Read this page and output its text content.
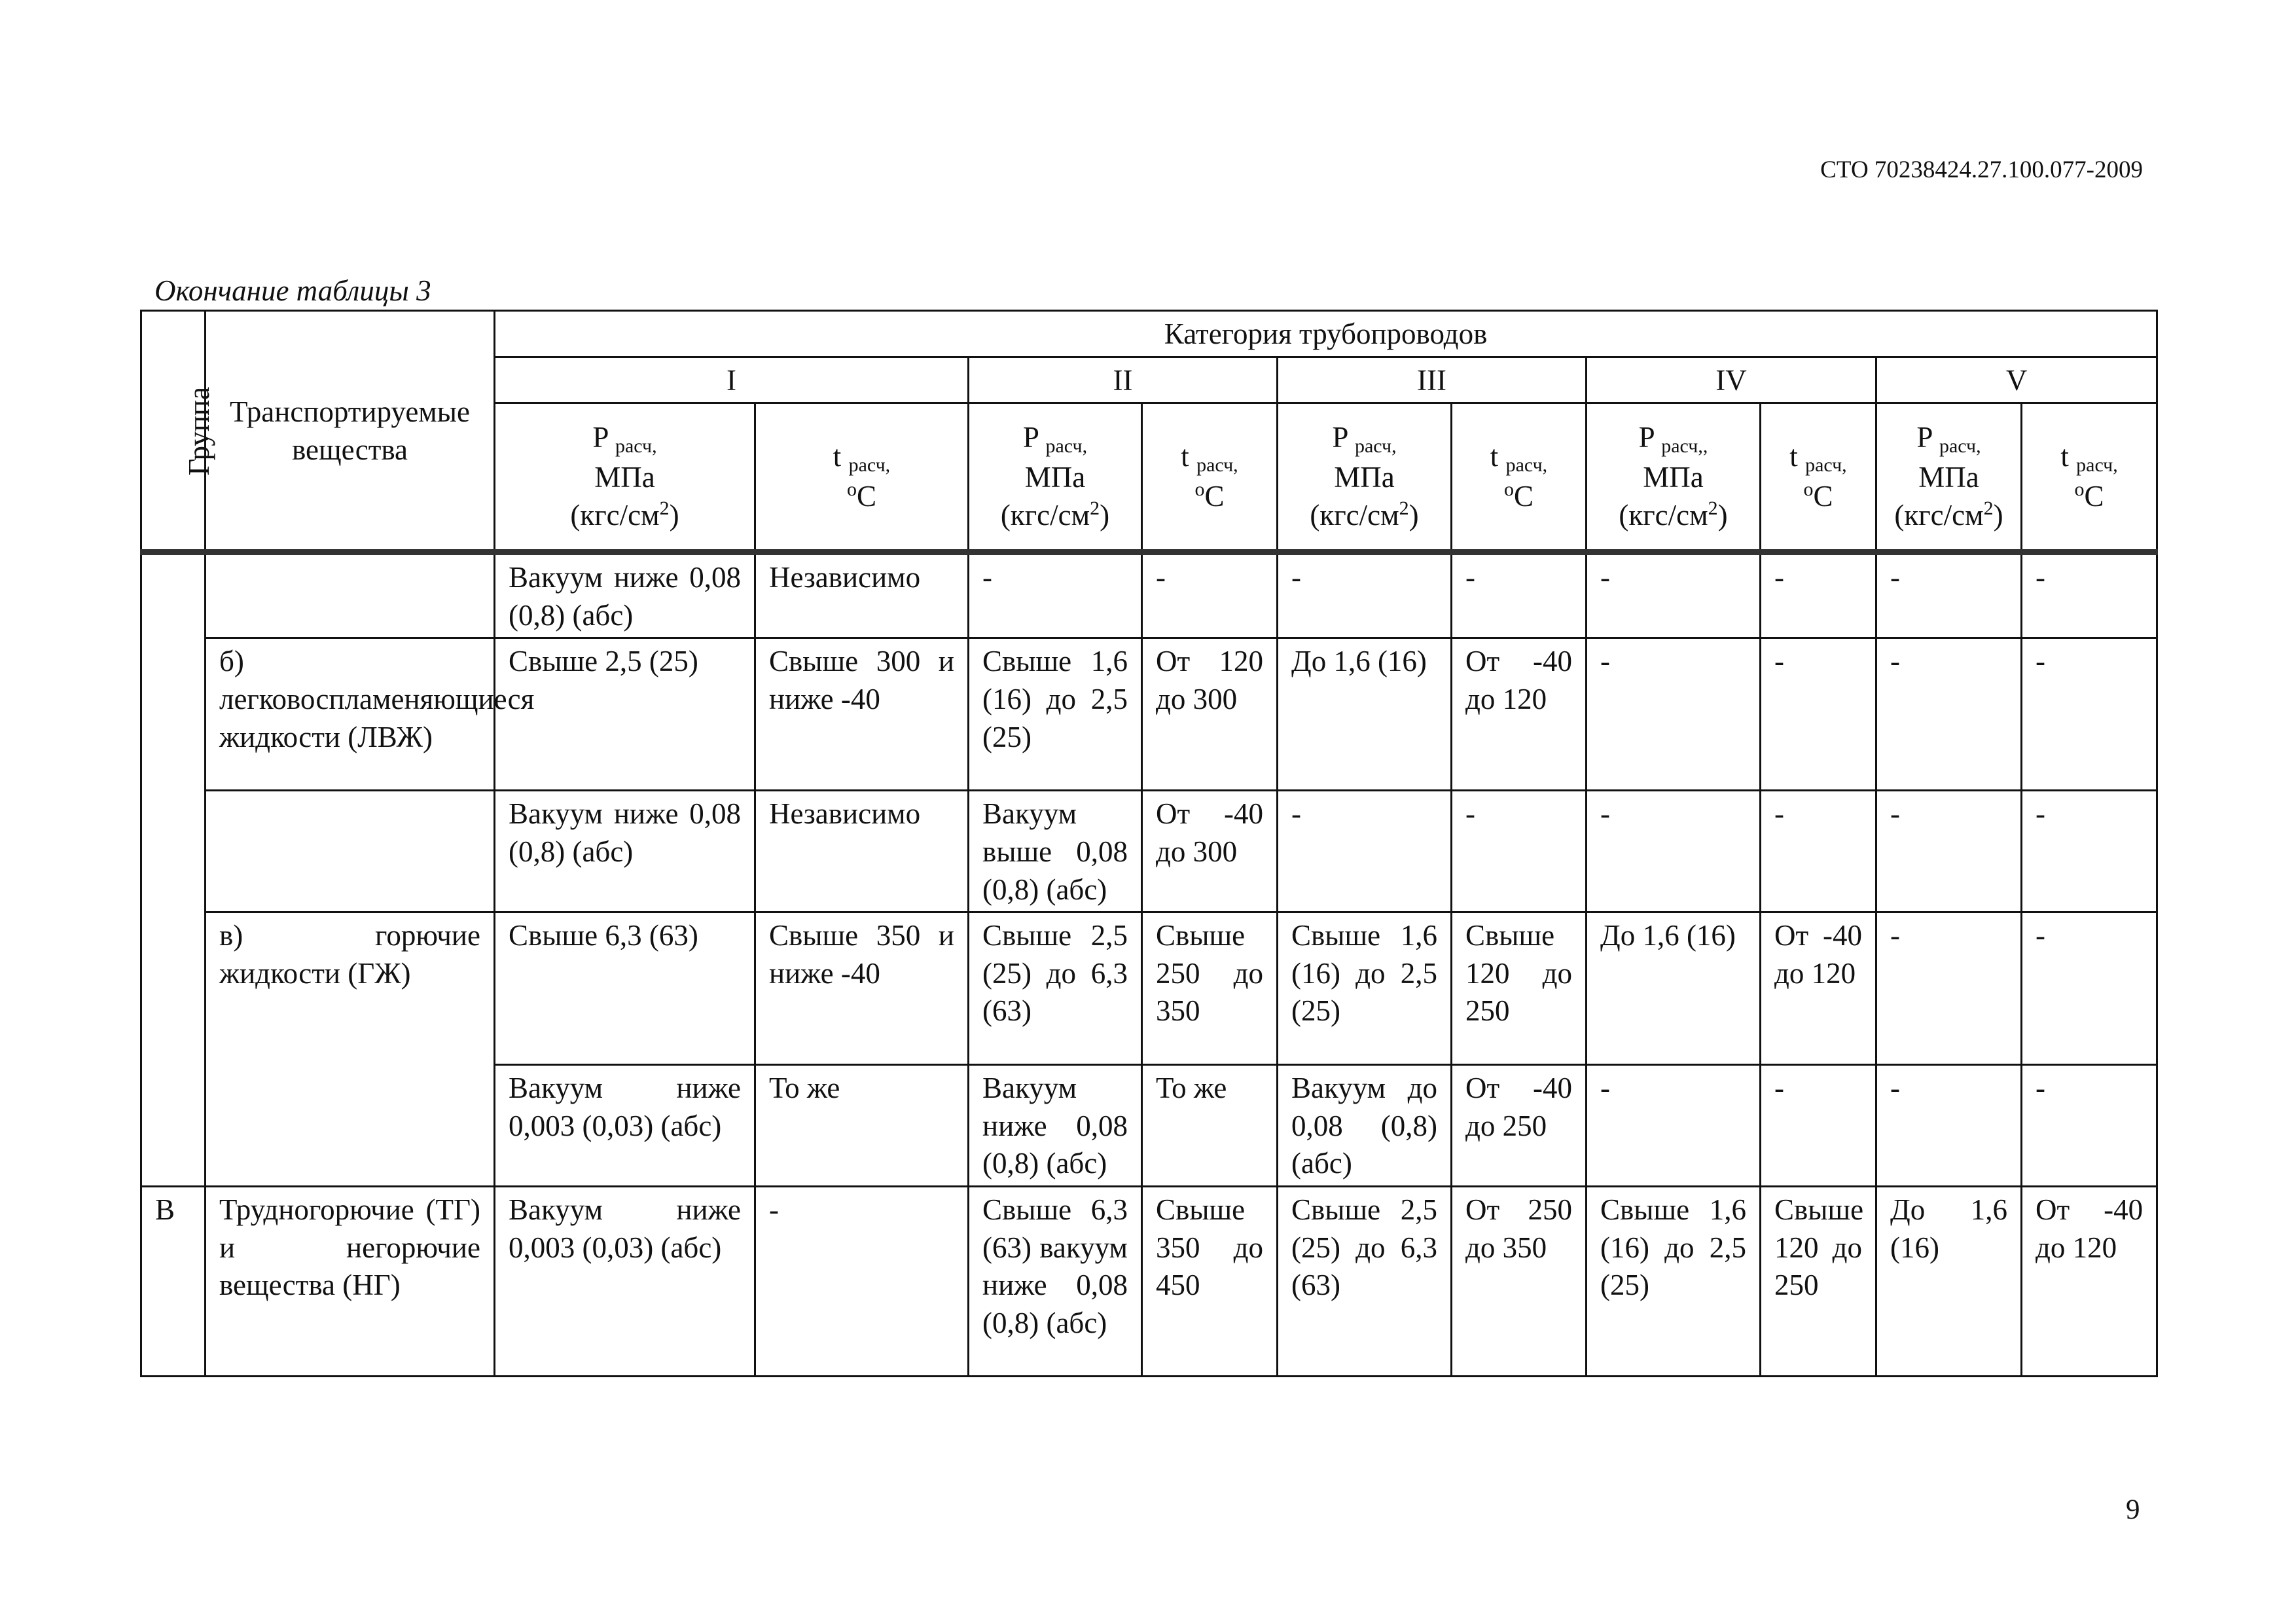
СТО 70238424.27.100.077-2009
Окончание таблицы 3
Группа	Транспортируемые вещества	Категория трубопроводов									
		I		II		III		IV		V	
		P $_{расч,}$
МПа
$(кгс/см^2)$	t $_{расч,}$
$^o$C	P $_{расч,}$
МПа
$(кгс/см^2)$	t $_{расч,}$
$^o$C	P $_{расч,}$
МПа
$(кгс/см^2)$	t $_{расч,}$
$^o$C	P $_{расч,,}$
МПа
$(кгс/см^2)$	t $_{расч,}$
$^o$C	P $_{расч,}$
МПа
$(кгс/см^2)$	t $_{расч,}$
$^o$C
		Вакуум ниже 0,08 (0,8) (абс)	Независимо	-	-	-	-	-	-	-	-
	б) легковоспламеняющиеся жидкости (ЛВЖ)	Свыше 2,5 (25)	Свыше 300 и ниже -40	Свыше 1,6 (16) до 2,5 (25)	От 120 до 300	До 1,6 (16)	От -40 до 120	-	-	-	-
		Вакуум ниже 0,08 (0,8) (абс)	Независимо	Вакуум выше 0,08 (0,8) (абс)	От -40 до 300	-	-	-	-	-	-
	в) горючие жидкости (ГЖ)	Свыше 6,3 (63)	Свыше 350 и ниже -40	Свыше 2,5 (25) до 6,3 (63)	Свыше 250 до 350	Свыше 1,6 (16) до 2,5 (25)	Свыше 120 до 250	До 1,6 (16)	От -40 до 120	-	-
		Вакуум ниже 0,003 (0,03) (абс)	То же	Вакуум ниже 0,08 (0,8) (абс)	То же	Вакуум до 0,08 (0,8) (абс)	От -40 до 250	-	-	-	-
В	Трудногорючие (ТГ) и негорючие вещества (НГ)	Вакуум ниже 0,003 (0,03) (абс)	-	Свыше 6,3 (63) вакуум ниже 0,08 (0,8) (абс)	Свыше 350 до 450	Свыше 2,5 (25) до 6,3 (63)	От 250 до 350	Свыше 1,6 (16) до 2,5 (25)	Свыше 120 до 250	До 1,6 (16)	От -40 до 120
9
